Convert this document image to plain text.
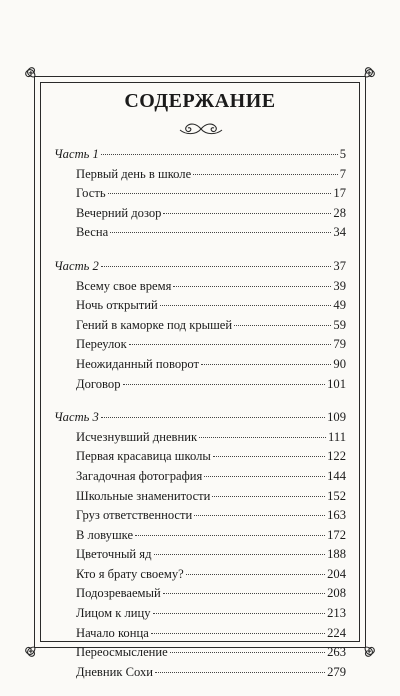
СОДЕРЖАНИЕ
Часть 1	5
Первый день в школе	7
Гость	17
Вечерний дозор	28
Весна	34
Часть 2	37
Всему свое время	39
Ночь открытий	49
Гений в каморке под крышей	59
Переулок	79
Неожиданный поворот	90
Договор	101
Часть 3	109
Исчезнувший дневник	111
Первая красавица школы	122
Загадочная фотография	144
Школьные знаменитости	152
Груз ответственности	163
В ловушке	172
Цветочный яд	188
Кто я брату своему?	204
Подозреваемый	208
Лицом к лицу	213
Начало конца	224
Переосмысление	263
Дневник Сохи	279
